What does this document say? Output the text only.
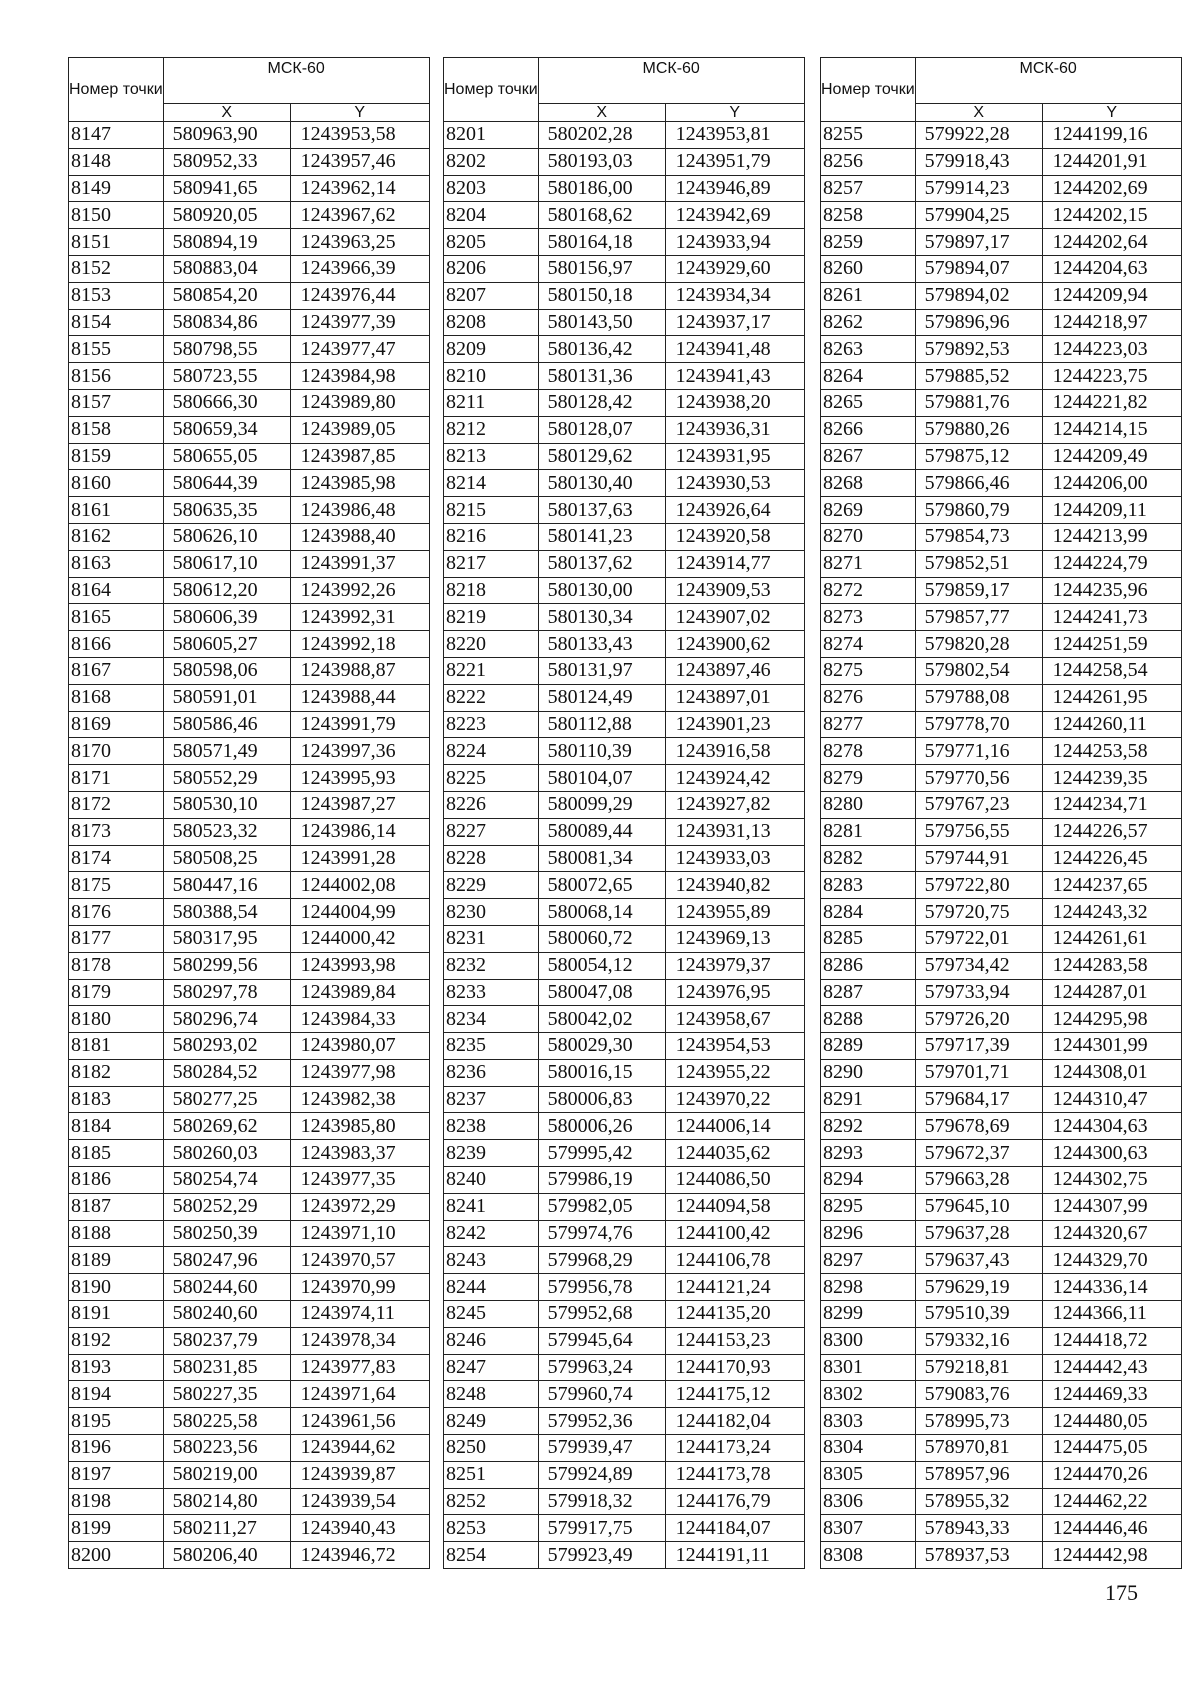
Номер точки	МСК-60	
	X	Y
8147	580963,90	1243953,58
8148	580952,33	1243957,46
8149	580941,65	1243962,14
8150	580920,05	1243967,62
8151	580894,19	1243963,25
8152	580883,04	1243966,39
8153	580854,20	1243976,44
8154	580834,86	1243977,39
8155	580798,55	1243977,47
8156	580723,55	1243984,98
8157	580666,30	1243989,80
8158	580659,34	1243989,05
8159	580655,05	1243987,85
8160	580644,39	1243985,98
8161	580635,35	1243986,48
8162	580626,10	1243988,40
8163	580617,10	1243991,37
8164	580612,20	1243992,26
8165	580606,39	1243992,31
8166	580605,27	1243992,18
8167	580598,06	1243988,87
8168	580591,01	1243988,44
8169	580586,46	1243991,79
8170	580571,49	1243997,36
8171	580552,29	1243995,93
8172	580530,10	1243987,27
8173	580523,32	1243986,14
8174	580508,25	1243991,28
8175	580447,16	1244002,08
8176	580388,54	1244004,99
8177	580317,95	1244000,42
8178	580299,56	1243993,98
8179	580297,78	1243989,84
8180	580296,74	1243984,33
8181	580293,02	1243980,07
8182	580284,52	1243977,98
8183	580277,25	1243982,38
8184	580269,62	1243985,80
8185	580260,03	1243983,37
8186	580254,74	1243977,35
8187	580252,29	1243972,29
8188	580250,39	1243971,10
8189	580247,96	1243970,57
8190	580244,60	1243970,99
8191	580240,60	1243974,11
8192	580237,79	1243978,34
8193	580231,85	1243977,83
8194	580227,35	1243971,64
8195	580225,58	1243961,56
8196	580223,56	1243944,62
8197	580219,00	1243939,87
8198	580214,80	1243939,54
8199	580211,27	1243940,43
8200	580206,40	1243946,72
Номер точки	МСК-60	
	X	Y
8201	580202,28	1243953,81
8202	580193,03	1243951,79
8203	580186,00	1243946,89
8204	580168,62	1243942,69
8205	580164,18	1243933,94
8206	580156,97	1243929,60
8207	580150,18	1243934,34
8208	580143,50	1243937,17
8209	580136,42	1243941,48
8210	580131,36	1243941,43
8211	580128,42	1243938,20
8212	580128,07	1243936,31
8213	580129,62	1243931,95
8214	580130,40	1243930,53
8215	580137,63	1243926,64
8216	580141,23	1243920,58
8217	580137,62	1243914,77
8218	580130,00	1243909,53
8219	580130,34	1243907,02
8220	580133,43	1243900,62
8221	580131,97	1243897,46
8222	580124,49	1243897,01
8223	580112,88	1243901,23
8224	580110,39	1243916,58
8225	580104,07	1243924,42
8226	580099,29	1243927,82
8227	580089,44	1243931,13
8228	580081,34	1243933,03
8229	580072,65	1243940,82
8230	580068,14	1243955,89
8231	580060,72	1243969,13
8232	580054,12	1243979,37
8233	580047,08	1243976,95
8234	580042,02	1243958,67
8235	580029,30	1243954,53
8236	580016,15	1243955,22
8237	580006,83	1243970,22
8238	580006,26	1244006,14
8239	579995,42	1244035,62
8240	579986,19	1244086,50
8241	579982,05	1244094,58
8242	579974,76	1244100,42
8243	579968,29	1244106,78
8244	579956,78	1244121,24
8245	579952,68	1244135,20
8246	579945,64	1244153,23
8247	579963,24	1244170,93
8248	579960,74	1244175,12
8249	579952,36	1244182,04
8250	579939,47	1244173,24
8251	579924,89	1244173,78
8252	579918,32	1244176,79
8253	579917,75	1244184,07
8254	579923,49	1244191,11
Номер точки	МСК-60	
	X	Y
8255	579922,28	1244199,16
8256	579918,43	1244201,91
8257	579914,23	1244202,69
8258	579904,25	1244202,15
8259	579897,17	1244202,64
8260	579894,07	1244204,63
8261	579894,02	1244209,94
8262	579896,96	1244218,97
8263	579892,53	1244223,03
8264	579885,52	1244223,75
8265	579881,76	1244221,82
8266	579880,26	1244214,15
8267	579875,12	1244209,49
8268	579866,46	1244206,00
8269	579860,79	1244209,11
8270	579854,73	1244213,99
8271	579852,51	1244224,79
8272	579859,17	1244235,96
8273	579857,77	1244241,73
8274	579820,28	1244251,59
8275	579802,54	1244258,54
8276	579788,08	1244261,95
8277	579778,70	1244260,11
8278	579771,16	1244253,58
8279	579770,56	1244239,35
8280	579767,23	1244234,71
8281	579756,55	1244226,57
8282	579744,91	1244226,45
8283	579722,80	1244237,65
8284	579720,75	1244243,32
8285	579722,01	1244261,61
8286	579734,42	1244283,58
8287	579733,94	1244287,01
8288	579726,20	1244295,98
8289	579717,39	1244301,99
8290	579701,71	1244308,01
8291	579684,17	1244310,47
8292	579678,69	1244304,63
8293	579672,37	1244300,63
8294	579663,28	1244302,75
8295	579645,10	1244307,99
8296	579637,28	1244320,67
8297	579637,43	1244329,70
8298	579629,19	1244336,14
8299	579510,39	1244366,11
8300	579332,16	1244418,72
8301	579218,81	1244442,43
8302	579083,76	1244469,33
8303	578995,73	1244480,05
8304	578970,81	1244475,05
8305	578957,96	1244470,26
8306	578955,32	1244462,22
8307	578943,33	1244446,46
8308	578937,53	1244442,98
175
